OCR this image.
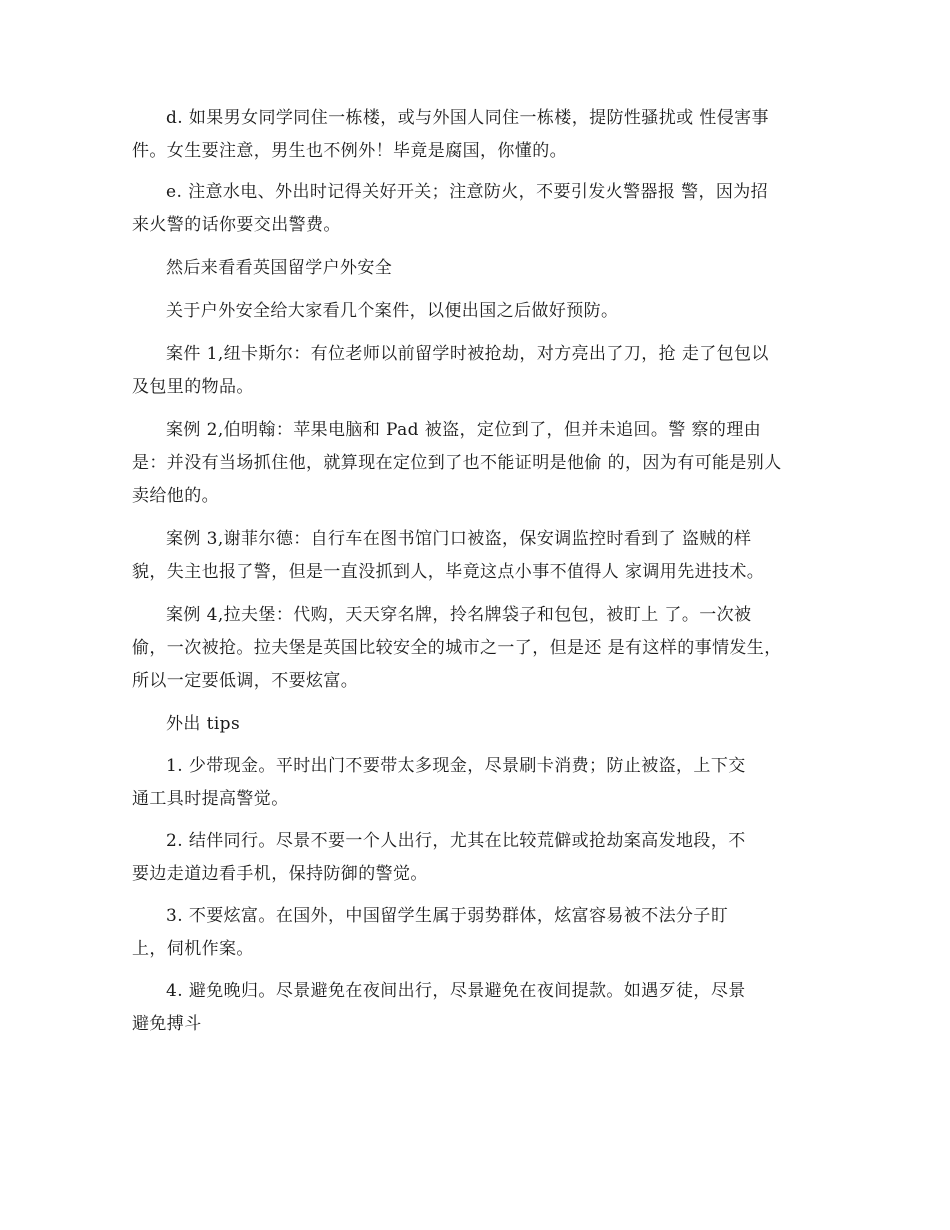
d. 如果男女同学同住一栋楼，或与外国人同住一栋楼，提防性骚扰或 性侵害事件。女生要注意，男生也不例外！毕竟是腐国，你懂的。

e. 注意水电、外出时记得关好开关；注意防火，不要引发火警器报 警，因为招来火警的话你要交出警费。

然后来看看英国留学户外安全

关于户外安全给大家看几个案件，以便出国之后做好预防。

案件 1,纽卡斯尔：有位老师以前留学时被抢劫，对方亮出了刀，抢 走了包包以及包里的物品。

案例 2,伯明翰：苹果电脑和 Pad 被盗，定位到了，但并未追回。警 察的理由是：并没有当场抓住他，就算现在定位到了也不能证明是他偷 的，因为有可能是别人卖给他的。

案例 3,谢菲尔德：自行车在图书馆门口被盗，保安调监控时看到了 盗贼的样貌，失主也报了警，但是一直没抓到人，毕竟这点小事不值得人 家调用先进技术。

案例 4,拉夫堡：代购，天天穿名牌，拎名牌袋子和包包，被盯上 了。一次被偷，一次被抢。拉夫堡是英国比较安全的城市之一了，但是还 是有这样的事情发生，所以一定要低调，不要炫富。

外出 tips

1. 少带现金。平时出门不要带太多现金，尽景刷卡消费；防止被盗，上下交通工具时提高警觉。

2. 结伴同行。尽景不要一个人出行，尤其在比较荒僻或抢劫案高发地段，不要边走道边看手机，保持防御的警觉。

3. 不要炫富。在国外，中国留学生属于弱势群体，炫富容易被不法分子盯上，伺机作案。

4. 避免晚归。尽景避免在夜间出行，尽景避免在夜间提款。如遇歹徒，尽景避免搏斗
